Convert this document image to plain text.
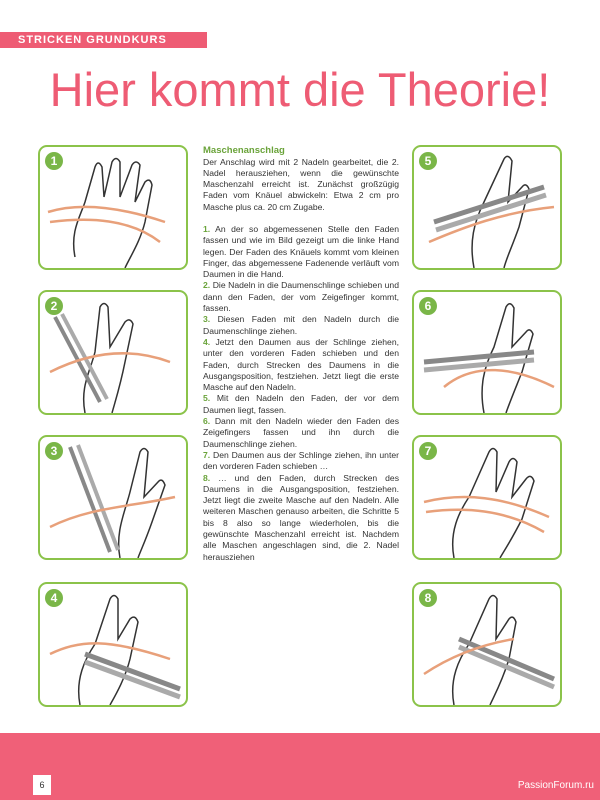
STRICKEN GRUNDKURS
Hier kommt die Theorie!
1
2
3
4
5
6
7
8
Maschenanschlag

Der Anschlag wird mit 2 Nadeln gearbeitet, die 2. Nadel herausziehen, wenn die gewünschte Maschenzahl erreicht ist. Zunächst großzügig Faden vom Knäuel abwickeln: Etwa 2 cm pro Masche plus ca. 20 cm Zugabe.

1. An der so abgemessenen Stelle den Faden fassen und wie im Bild gezeigt um die linke Hand legen. Der Faden des Knäuels kommt vom kleinen Finger, das abgemessene Fadenende verläuft vom Daumen in die Hand.

2. Die Nadeln in die Daumenschlinge schieben und dann den Faden, der vom Zeigefinger kommt, fassen.

3. Diesen Faden mit den Nadeln durch die Daumenschlinge ziehen.

4. Jetzt den Daumen aus der Schlinge ziehen, unter den vorderen Faden schieben und den Faden, durch Strecken des Daumens in die Ausgangsposition, festziehen. Jetzt liegt die erste Masche auf den Nadeln.

5. Mit den Nadeln den Faden, der vor dem Daumen liegt, fassen.

6. Dann mit den Nadeln wieder den Faden des Zeigefingers fassen und ihn durch die Daumenschlinge ziehen.

7. Den Daumen aus der Schlinge ziehen, ihn unter den vorderen Faden schieben …

8. … und den Faden, durch Strecken des Daumens in die Ausgangsposition, festziehen. Jetzt liegt die zweite Masche auf den Nadeln. Alle weiteren Maschen genauso arbeiten, die Schritte 5 bis 8 also so lange wiederholen, bis die gewünschte Maschenzahl erreicht ist. Nachdem alle Maschen angeschlagen sind, die 2. Nadel herausziehen

6	PassionForum.ru
